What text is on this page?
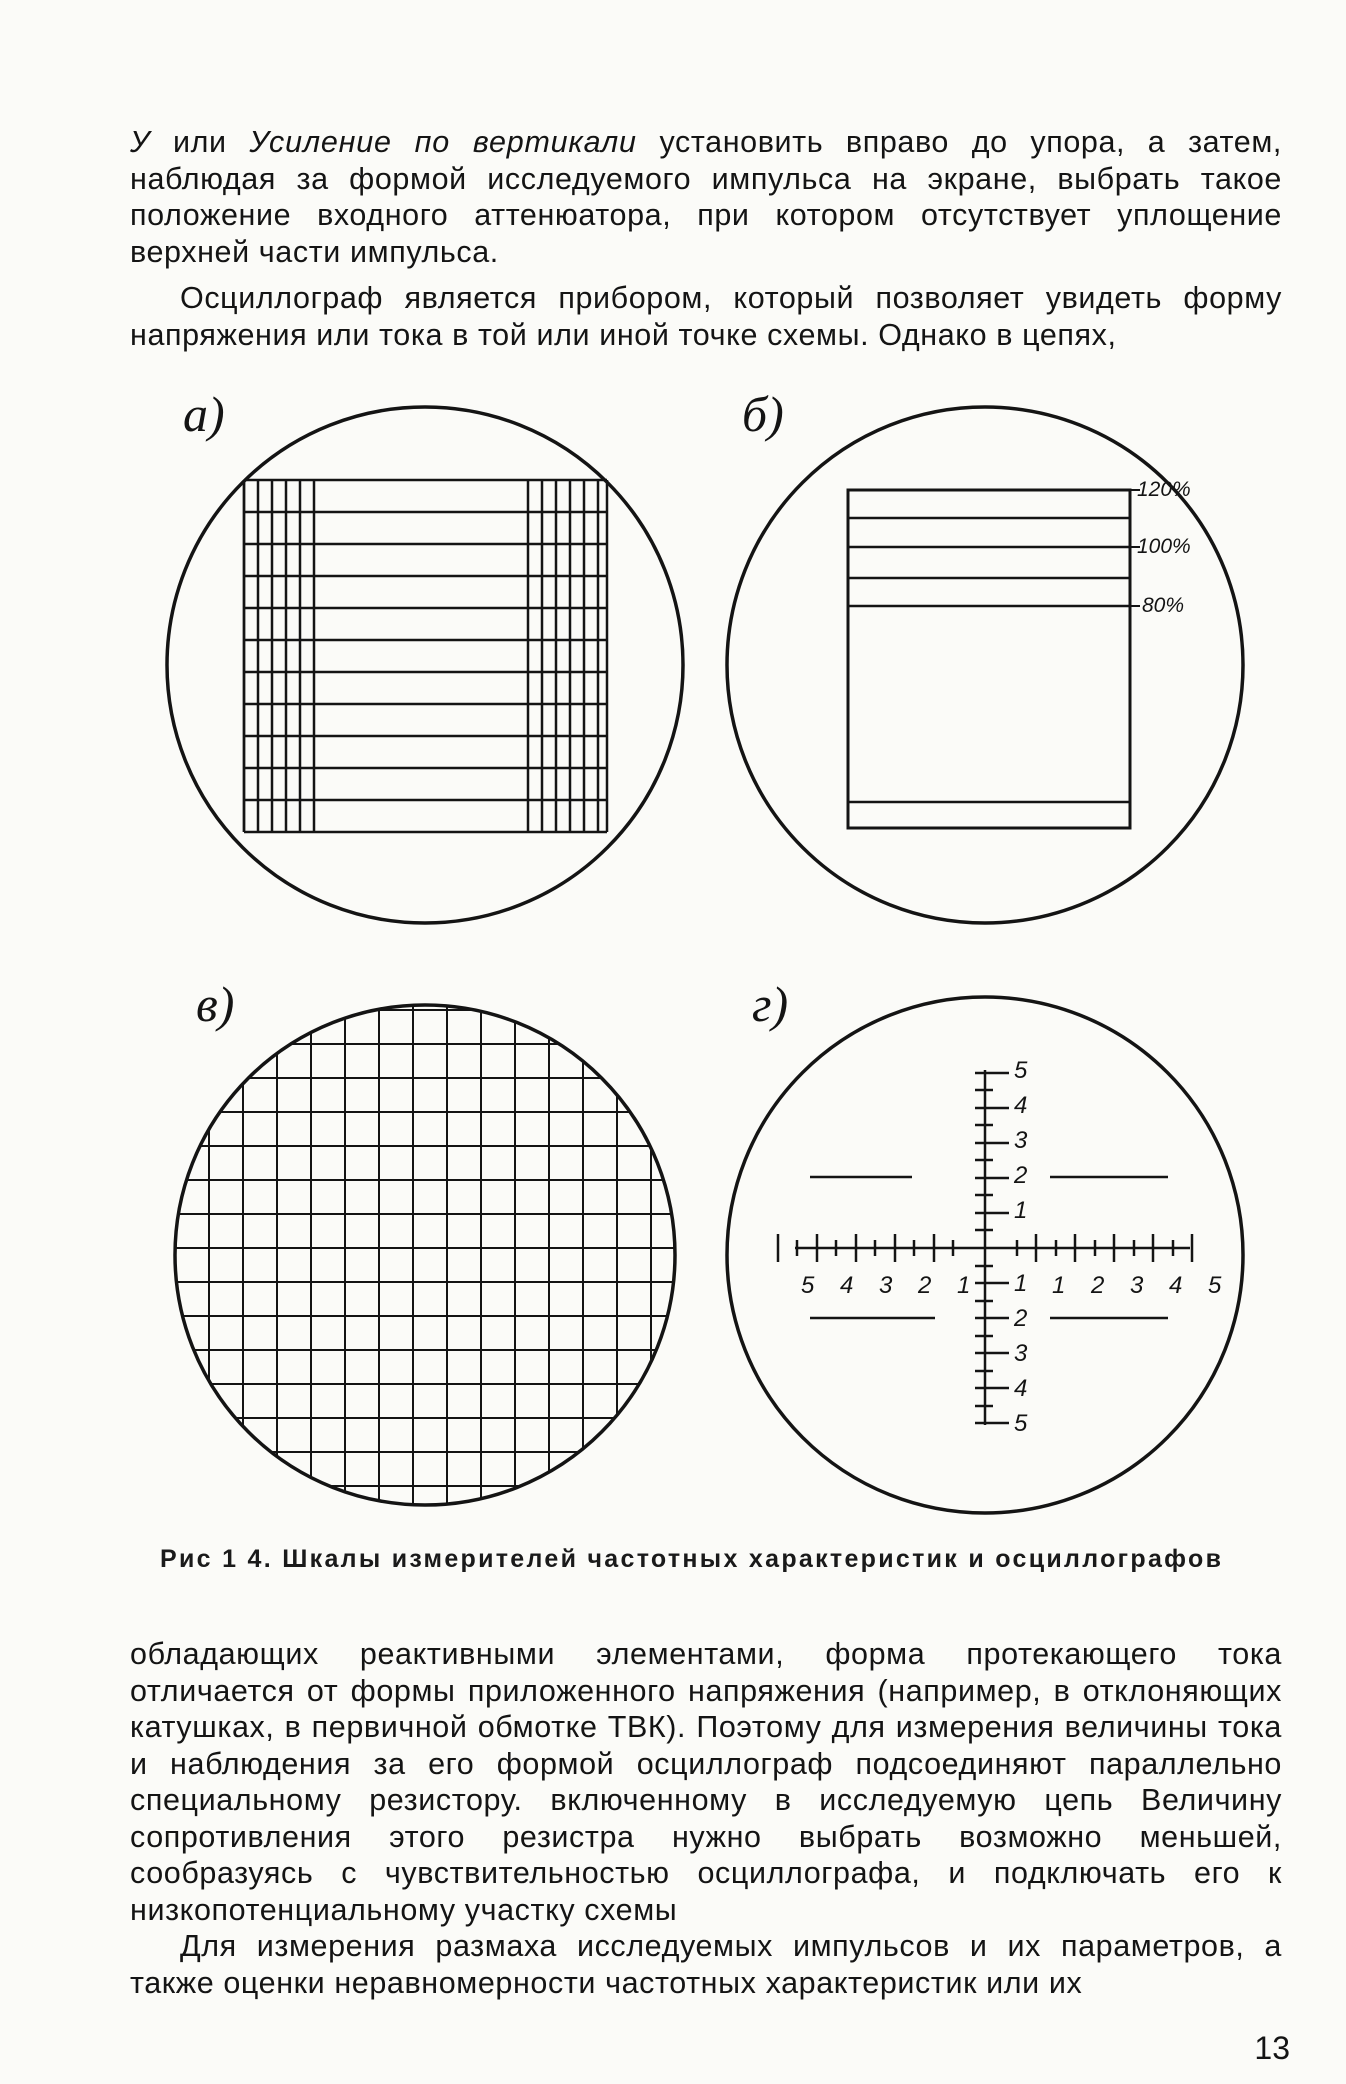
У или Усиление по вертикали установить вправо до упора, а затем, наблюдая за формой исследуемого импульса на экране, выбрать такое положение входного аттенюатора, при котором отсутствует уплощение верхней части импульса.

Осциллограф является прибором, который позволяет увидеть форму напряжения или тока в той или иной точке схемы. Однако в цепях,

а)	б)
в)	г)
120%
100%
80%
5
4
3
2
1
1
2
3
4
5
5 4 3 2 1	1 2 3 4 5
Рис 1 4. Шкалы измерителей частотных характеристик и осциллографов

обладающих реактивными элементами, форма протекающего тока отличается от формы приложенного напряжения (например, в отклоняющих катушках, в первичной обмотке ТВК). Поэтому для измерения величины тока и наблюдения за его формой осциллограф подсоединяют параллельно специальному резистору. включенному в исследуемую цепь Величину сопротивления этого резистра нужно выбрать возможно меньшей, сообразуясь с чувствительностью осциллографа, и подключать его к низкопотенциальному участку схемы

Для измерения размаха исследуемых импульсов и их параметров, а также оценки неравномерности частотных характеристик или их

13
